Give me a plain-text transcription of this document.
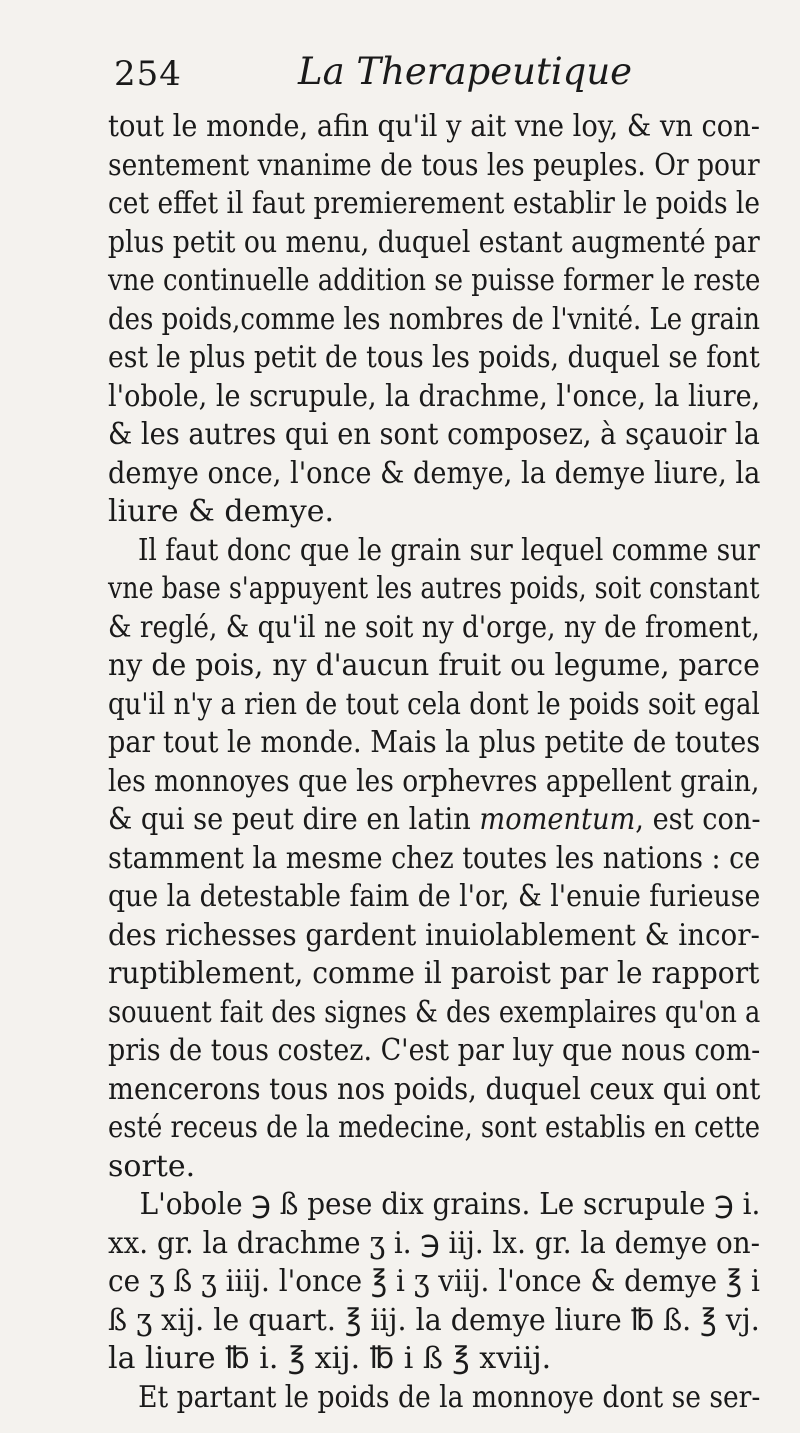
254	La Therapeutique
tout le monde, afin qu'il y ait vne loy, & vn con-
sentement vnanime de tous les peuples. Or pour
cet effet il faut premierement establir le poids le
plus petit ou menu, duquel estant augmenté par
vne continuelle addition se puisse former le reste
des poids,comme les nombres de l'vnité. Le grain
est le plus petit de tous les poids, duquel se font
l'obole, le scrupule, la drachme, l'once, la liure,
& les autres qui en sont composez, à sçauoir la
demye once, l'once & demye, la demye liure, la
liure & demye.
Il faut donc que le grain sur lequel comme sur
vne base s'appuyent les autres poids, soit constant
& reglé, & qu'il ne soit ny d'orge, ny de froment,
ny de pois, ny d'aucun fruit ou legume, parce
qu'il n'y a rien de tout cela dont le poids soit egal
par tout le monde. Mais la plus petite de toutes
les monnoyes que les orphevres appellent grain,
& qui se peut dire en latin momentum, est con-
stamment la mesme chez toutes les nations : ce
que la detestable faim de l'or, & l'enuie furieuse
des richesses gardent inuiolablement & incor-
ruptiblement, comme il paroist par le rapport
souuent fait des signes & des exemplaires qu'on a
pris de tous costez. C'est par luy que nous com-
mencerons tous nos poids, duquel ceux qui ont
esté receus de la medecine, sont establis en cette
sorte.
L'obole ℈ ß pese dix grains. Le scrupule ℈ i.
xx. gr. la drachme ʒ i. ℈ iij. lx. gr. la demye on-
ce ʒ ß ʒ iiij. l'once ℥ i ʒ viij. l'once & demye ℥ i
ß ʒ xij. le quart. ℥ iij. la demye liure ℔ ß. ℥ vj.
la liure ℔ i. ℥ xij. ℔ i ß ℥ xviij.
Et partant le poids de la monnoye dont se ser-
